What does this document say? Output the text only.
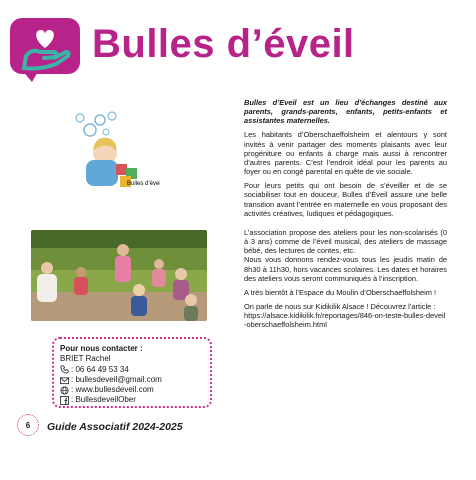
Bulles d’éveil
Bulles d’éveil
Pour nous contacter :
BRIET Rachel
: 06 64 49 53 34
: bullesdeveil@gmail.com
: www.bullesdeveil.com
: BullesdeveilOber

Bulles d’Eveil est un lieu d’échanges destiné aux parents, grands-parents, enfants, petits-enfants et assistantes maternelles.

Les habitants d’Oberschaeffolsheim et alentours y sont invités à venir partager des moments plaisants avec leur progéniture ou enfants à charge mais aussi à rencontrer d’autres parents. C’est l’endroit idéal pour les parents au foyer ou en congé parental en quête de vie sociale.

Pour leurs petits qui ont besoin de s’éveiller et de se sociabiliser tout en douceur, Bulles d’Éveil assure une belle transition avant l’entrée en maternelle en vous proposant des activités créatives, ludiques et pédagogiques.

L’association propose des ateliers pour les non-scolarisés (0 à 3 ans) comme de l’éveil musical, des ateliers de massage bébé, des lectures de contes, etc.

Nous vous donnons rendez-vous tous les jeudis matin de 8h30 à 11h30, hors vacances scolaires. Les dates et horaires des ateliers vous seront communiqués à l’inscription.

A très bientôt à l’Espace du Moulin d’Oberschaeffolsheim !

On parle de nous sur Kidikilik Alsace ! Découvrez l’article :

https://alsace.kidikilik.fr/reportages/846-on-teste-bulles-deveil-oberschaeffolsheim.html

6	Guide Associatif 2024-2025
